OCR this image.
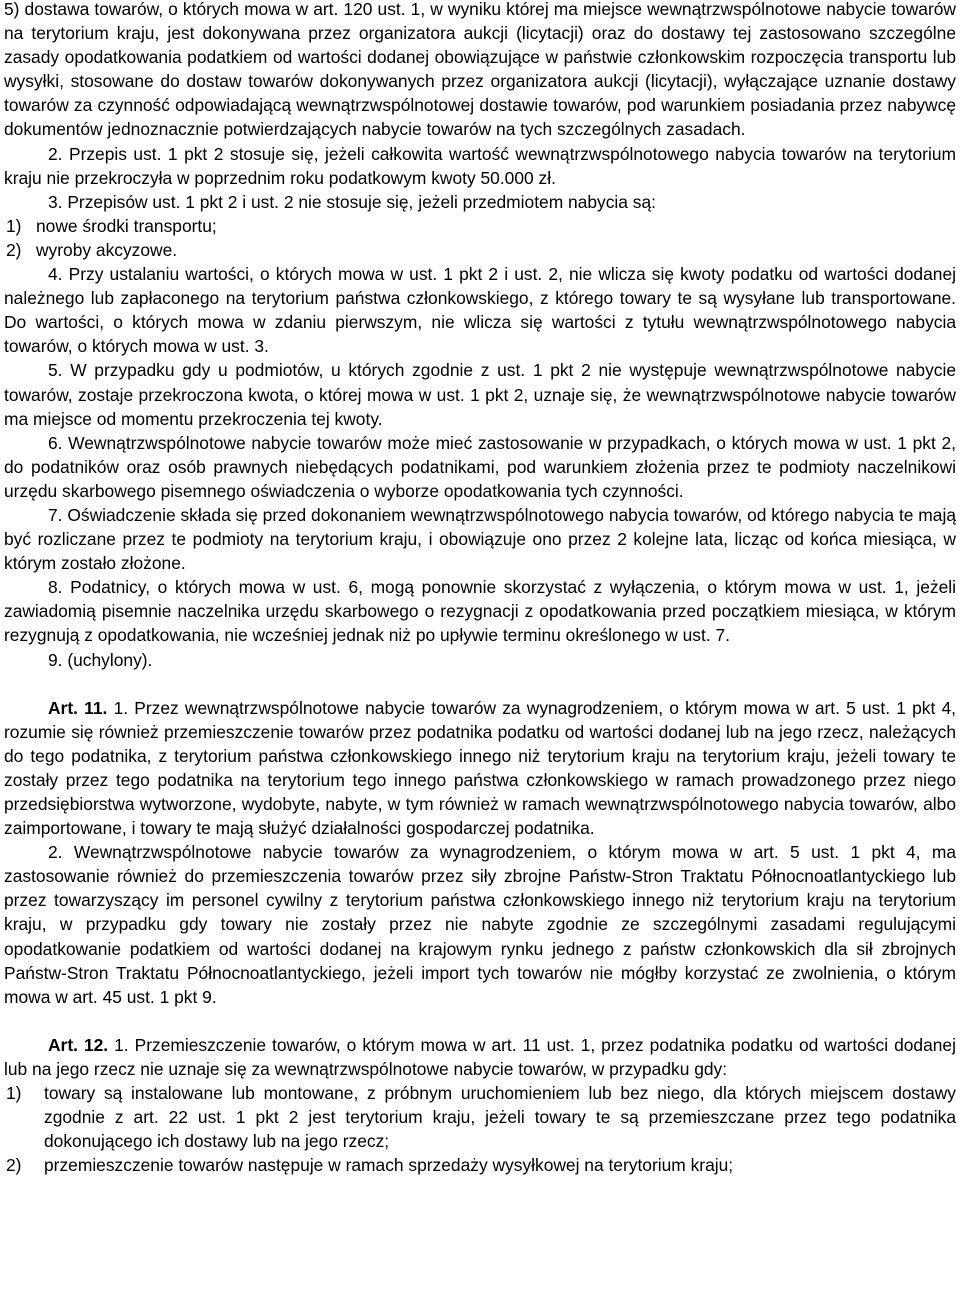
5) dostawa towarów, o których mowa w art. 120 ust. 1, w wyniku której ma miejsce wewnątrzwspólnotowe nabycie towarów na terytorium kraju, jest dokonywana przez organizatora aukcji (licytacji) oraz do dostawy tej zastosowano szczególne zasady opodatkowania podatkiem od wartości dodanej obowiązujące w państwie członkowskim rozpoczęcia transportu lub wysyłki, stosowane do dostaw towarów dokonywanych przez organizatora aukcji (licytacji), wyłączające uznanie dostawy towarów za czynność odpowiadającą wewnątrzwspólnotowej dostawie towarów, pod warunkiem posiadania przez nabywcę dokumentów jednoznacznie potwierdzających nabycie towarów na tych szczególnych zasadach.

2. Przepis ust. 1 pkt 2 stosuje się, jeżeli całkowita wartość wewnątrzwspólnotowego nabycia towarów na terytorium kraju nie przekroczyła w poprzednim roku podatkowym kwoty 50.000 zł.

3. Przepisów ust. 1 pkt 2 i ust. 2 nie stosuje się, jeżeli przedmiotem nabycia są:

1) nowe środki transportu;
2) wyroby akcyzowe.

4. Przy ustalaniu wartości, o których mowa w ust. 1 pkt 2 i ust. 2, nie wlicza się kwoty podatku od wartości dodanej należnego lub zapłaconego na terytorium państwa członkowskiego, z którego towary te są wysyłane lub transportowane. Do wartości, o których mowa w zdaniu pierwszym, nie wlicza się wartości z tytułu wewnątrzwspólnotowego nabycia towarów, o których mowa w ust. 3.

5. W przypadku gdy u podmiotów, u których zgodnie z ust. 1 pkt 2 nie występuje wewnątrzwspólnotowe nabycie towarów, zostaje przekroczona kwota, o której mowa w ust. 1 pkt 2, uznaje się, że wewnątrzwspólnotowe nabycie towarów ma miejsce od momentu przekroczenia tej kwoty.

6. Wewnątrzwspólnotowe nabycie towarów może mieć zastosowanie w przypadkach, o których mowa w ust. 1 pkt 2, do podatników oraz osób prawnych niebędących podatnikami, pod warunkiem złożenia przez te podmioty naczelnikowi urzędu skarbowego pisemnego oświadczenia o wyborze opodatkowania tych czynności.

7. Oświadczenie składa się przed dokonaniem wewnątrzwspólnotowego nabycia towarów, od którego nabycia te mają być rozliczane przez te podmioty na terytorium kraju, i obowiązuje ono przez 2 kolejne lata, licząc od końca miesiąca, w którym zostało złożone.

8. Podatnicy, o których mowa w ust. 6, mogą ponownie skorzystać z wyłączenia, o którym mowa w ust. 1, jeżeli zawiadomią pisemnie naczelnika urzędu skarbowego o rezygnacji z opodatkowania przed początkiem miesiąca, w którym rezygnują z opodatkowania, nie wcześniej jednak niż po upływie terminu określonego w ust. 7.

9. (uchylony).

Art. 11. 1. Przez wewnątrzwspólnotowe nabycie towarów za wynagrodzeniem, o którym mowa w art. 5 ust. 1 pkt 4, rozumie się również przemieszczenie towarów przez podatnika podatku od wartości dodanej lub na jego rzecz, należących do tego podatnika, z terytorium państwa członkowskiego innego niż terytorium kraju na terytorium kraju, jeżeli towary te zostały przez tego podatnika na terytorium tego innego państwa członkowskiego w ramach prowadzonego przez niego przedsiębiorstwa wytworzone, wydobyte, nabyte, w tym również w ramach wewnątrzwspólnotowego nabycia towarów, albo zaimportowane, i towary te mają służyć działalności gospodarczej podatnika.

2. Wewnątrzwspólnotowe nabycie towarów za wynagrodzeniem, o którym mowa w art. 5 ust. 1 pkt 4, ma zastosowanie również do przemieszczenia towarów przez siły zbrojne Państw-Stron Traktatu Północnoatlantyckiego lub przez towarzyszący im personel cywilny z terytorium państwa członkowskiego innego niż terytorium kraju na terytorium kraju, w przypadku gdy towary nie zostały przez nie nabyte zgodnie ze szczególnymi zasadami regulującymi opodatkowanie podatkiem od wartości dodanej na krajowym rynku jednego z państw członkowskich dla sił zbrojnych Państw-Stron Traktatu Północnoatlantyckiego, jeżeli import tych towarów nie mógłby korzystać ze zwolnienia, o którym mowa w art. 45 ust. 1 pkt 9.

Art. 12. 1. Przemieszczenie towarów, o którym mowa w art. 11 ust. 1, przez podatnika podatku od wartości dodanej lub na jego rzecz nie uznaje się za wewnątrzwspólnotowe nabycie towarów, w przypadku gdy:

1)	towary są instalowane lub montowane, z próbnym uruchomieniem lub bez niego, dla których miejscem dostawy zgodnie z art. 22 ust. 1 pkt 2 jest terytorium kraju, jeżeli towary te są przemieszczane przez tego podatnika dokonującego ich dostawy lub na jego rzecz;
2)	przemieszczenie towarów następuje w ramach sprzedaży wysyłkowej na terytorium kraju;
